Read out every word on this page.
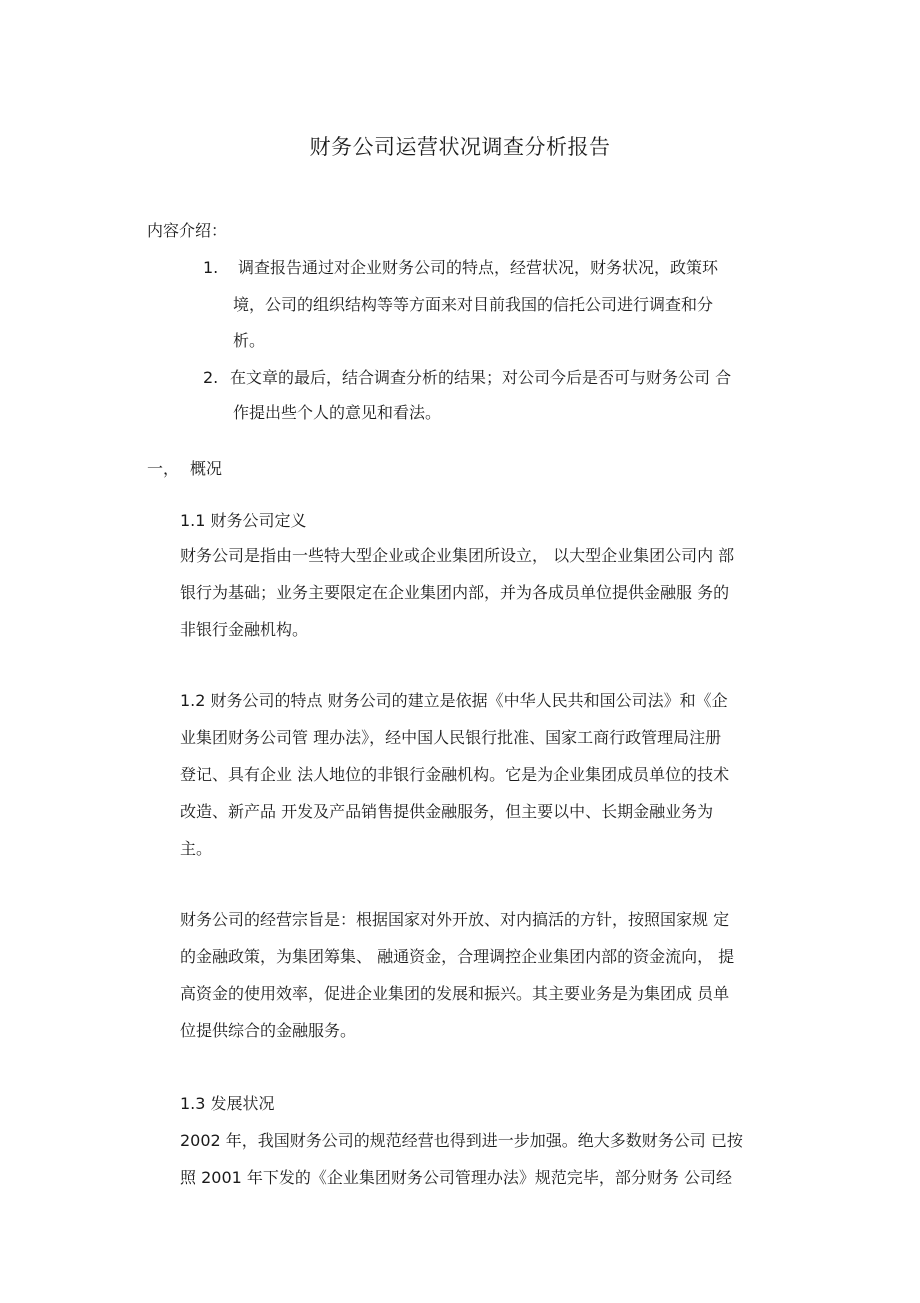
财务公司运营状况调查分析报告
内容介绍：
1. 调查报告通过对企业财务公司的特点，经营状况，财务状况，政策环
境，公司的组织结构等等方面来对目前我国的信托公司进行调查和分
析。
2. 在文章的最后，结合调查分析的结果；对公司今后是否可与财务公司 合
作提出些个人的意见和看法。
一， 概况
1.1 财务公司定义
财务公司是指由一些特大型企业或企业集团所设立， 以大型企业集团公司内 部
银行为基础；业务主要限定在企业集团内部，并为各成员单位提供金融服 务的
非银行金融机构。
1.2 财务公司的特点 财务公司的建立是依据《中华人民共和国公司法》和《企
业集团财务公司管 理办法》，经中国人民银行批准、国家工商行政管理局注册
登记、具有企业 法人地位的非银行金融机构。它是为企业集团成员单位的技术
改造、新产品 开发及产品销售提供金融服务，但主要以中、长期金融业务为
主。
财务公司的经营宗旨是：根据国家对外开放、对内搞活的方针，按照国家规 定
的金融政策，为集团筹集、 融通资金，合理调控企业集团内部的资金流向， 提
高资金的使用效率，促进企业集团的发展和振兴。其主要业务是为集团成 员单
位提供综合的金融服务。
1.3 发展状况
2002 年，我国财务公司的规范经营也得到进一步加强。绝大多数财务公司 已按
照 2001 年下发的《企业集团财务公司管理办法》规范完毕，部分财务 公司经
